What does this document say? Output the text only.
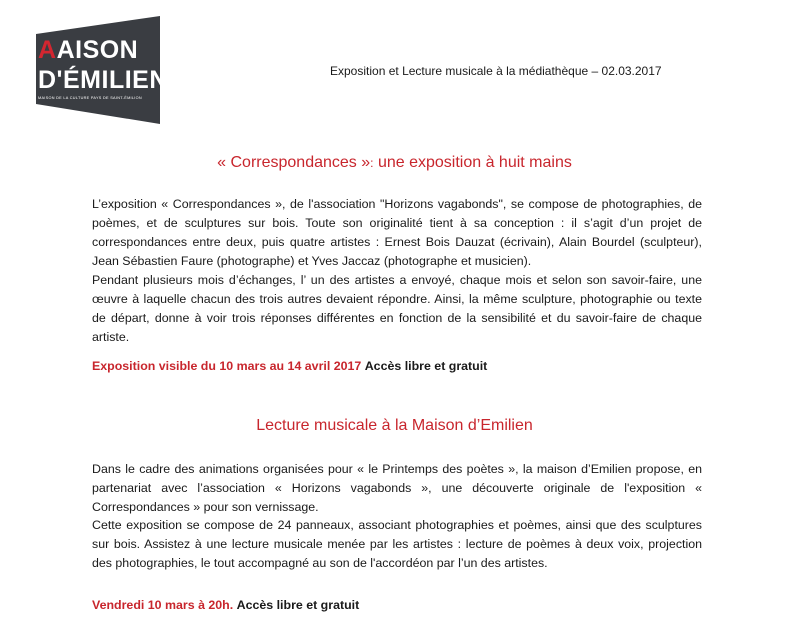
AAISON
D'ÉMILIEN
MAISON DE LA CULTURE PAYS DE SAINT-ÉMILION
Exposition et Lecture musicale à la médiathèque – 02.03.2017
« Correspondances »: une exposition à huit mains

L’exposition « Correspondances », de l'association "Horizons vagabonds", se compose de photographies, de poèmes, et de sculptures sur bois. Toute son originalité tient à sa conception : il s’agit d’un projet de correspondances entre deux, puis quatre artistes : Ernest Bois Dauzat (écrivain), Alain Bourdel (sculpteur), Jean Sébastien Faure (photographe) et Yves Jaccaz (photographe et musicien).

Pendant plusieurs mois d’échanges, l’ un des artistes a envoyé, chaque mois et selon son savoir-faire, une œuvre à laquelle chacun des trois autres devaient répondre. Ainsi, la même sculpture, photographie ou texte de départ, donne à voir trois réponses différentes en fonction de la sensibilité et du savoir-faire de chaque artiste.

Exposition visible du 10 mars au 14 avril 2017 Accès libre et gratuit
Lecture musicale à la Maison d’Emilien
Dans le cadre des animations organisées pour « le Printemps des poètes », la maison d’Emilien propose, en partenariat avec l’association « Horizons vagabonds », une découverte originale de l'exposition « Correspondances » pour son vernissage.
Cette exposition se compose de 24 panneaux, associant photographies et poèmes, ainsi que des sculptures sur bois. Assistez à une lecture musicale menée par les artistes : lecture de poèmes à deux voix, projection des photographies, le tout accompagné au son de l'accordéon par l’un des artistes.
Vendredi 10 mars à 20h. Accès libre et gratuit
